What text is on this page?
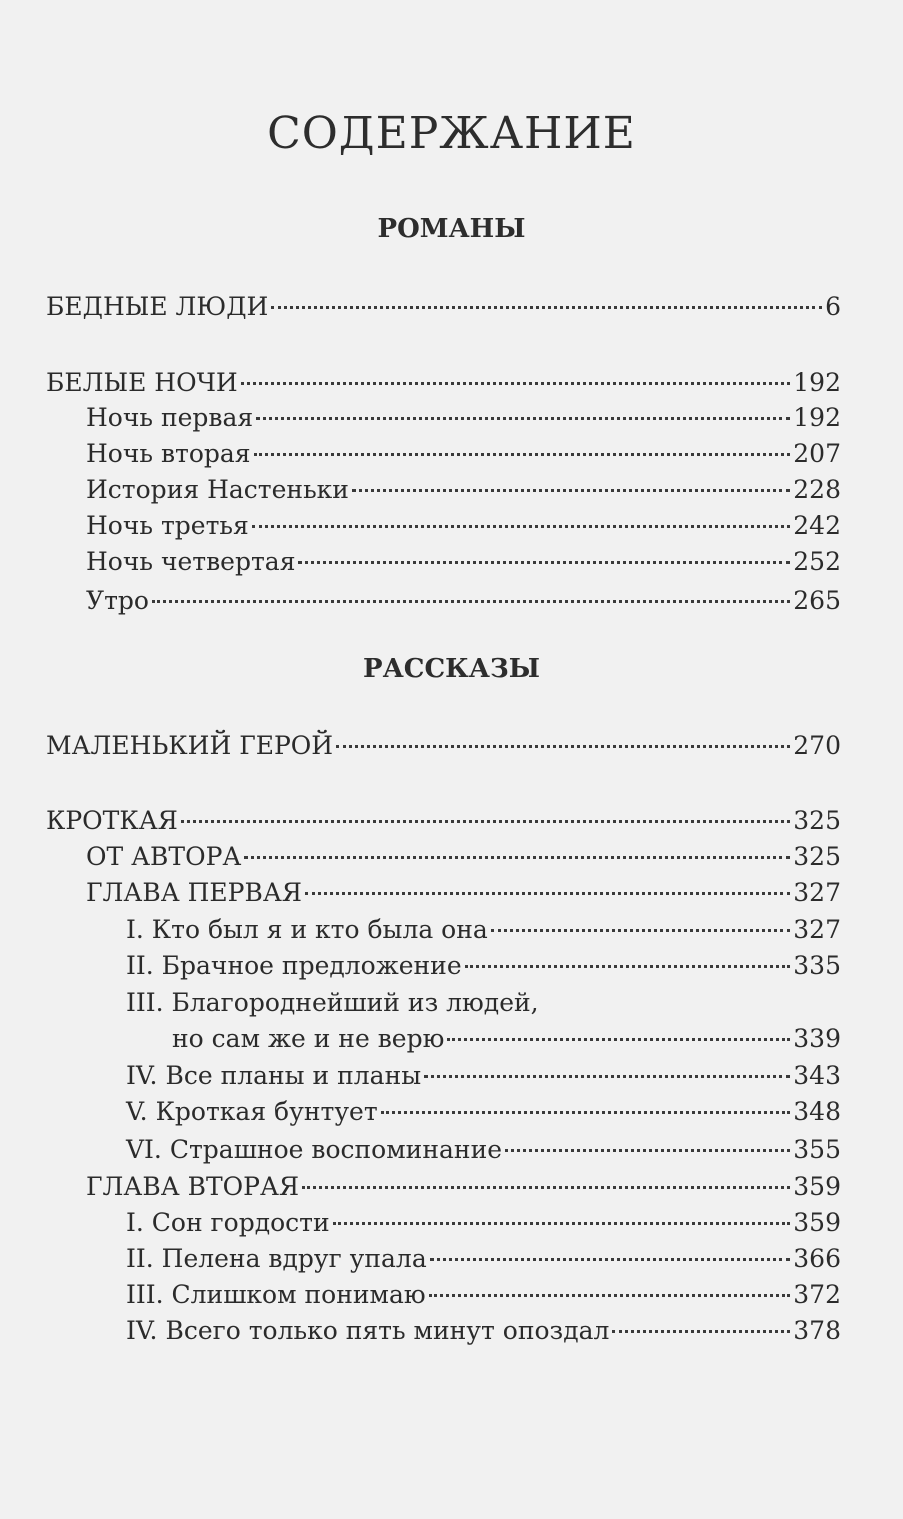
СОДЕРЖАНИЕ
РОМАНЫ
БЕДНЫЕ ЛЮДИ	6
БЕЛЫЕ НОЧИ	192
Ночь первая	192
Ночь вторая	207
История Настеньки	228
Ночь третья	242
Ночь четвертая	252
Утро	265
РАССКАЗЫ
МАЛЕНЬКИЙ ГЕРОЙ	270
КРОТКАЯ	325
ОТ АВТОРА	325
ГЛАВА ПЕРВАЯ	327
I. Кто был я и кто была она	327
II. Брачное предложение	335
III. Благороднейший из людей,
но сам же и не верю	339
IV. Все планы и планы	343
V. Кроткая бунтует	348
VI. Страшное воспоминание	355
ГЛАВА ВТОРАЯ	359
I. Сон гордости	359
II. Пелена вдруг упала	366
III. Слишком понимаю	372
IV. Всего только пять минут опоздал	378
